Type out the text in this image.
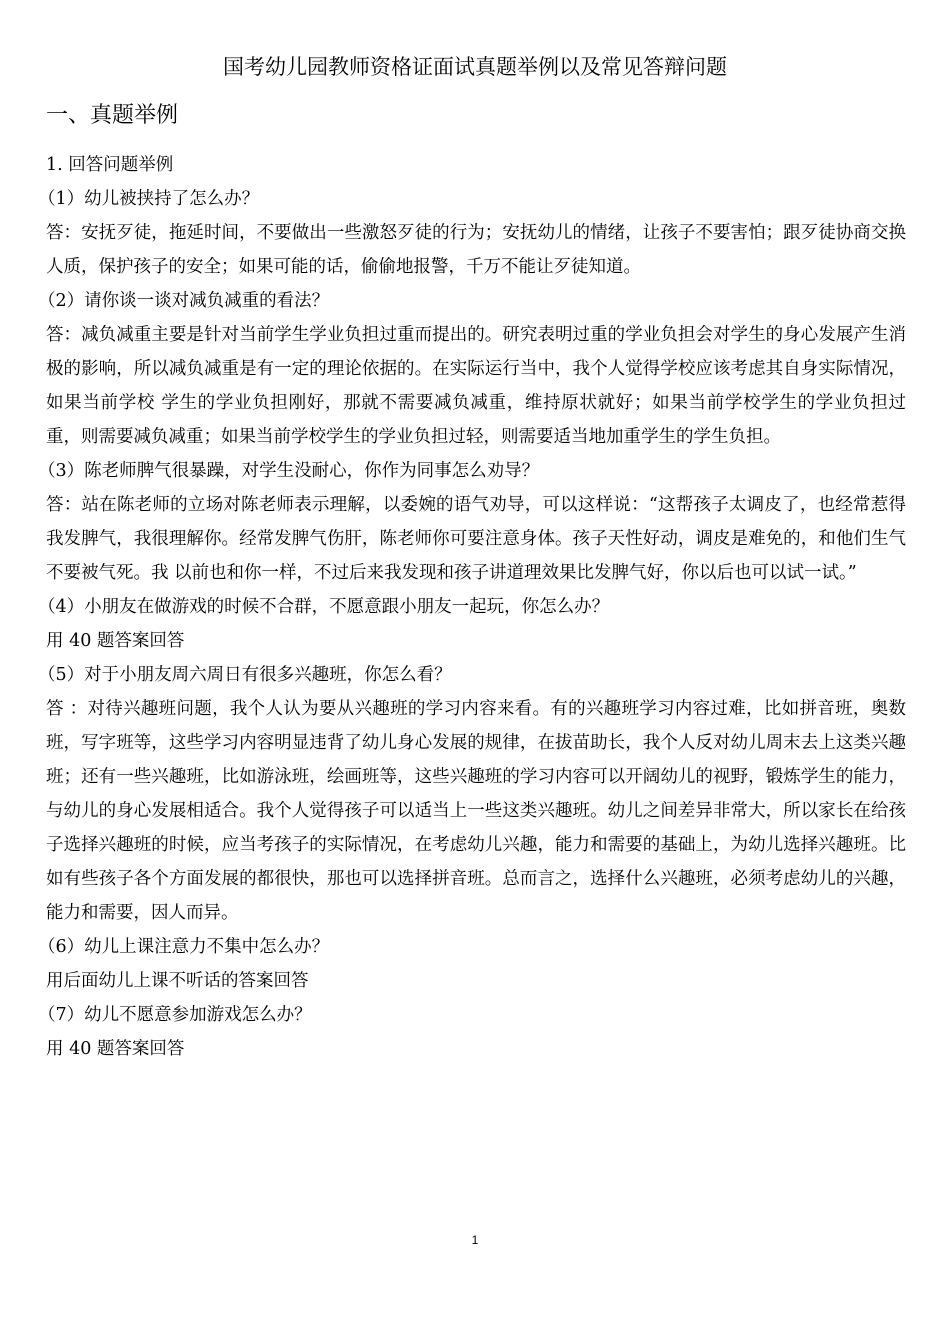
国考幼儿园教师资格证面试真题举例以及常见答辩问题
一、真题举例
1. 回答问题举例
（1）幼儿被挟持了怎么办？
答：安抚歹徒，拖延时间，不要做出一些激怒歹徒的行为；安抚幼儿的情绪，让孩子不要害怕；跟歹徒协商交换人质，保护孩子的安全；如果可能的话，偷偷地报警，千万不能让歹徒知道。
（2）请你谈一谈对减负减重的看法？
答：减负减重主要是针对当前学生学业负担过重而提出的。研究表明过重的学业负担会对学生的身心发展产生消极的影响，所以减负减重是有一定的理论依据的。在实际运行当中，我个人觉得学校应该考虑其自身实际情况，如果当前学校 学生的学业负担刚好，那就不需要减负减重，维持原状就好；如果当前学校学生的学业负担过重，则需要减负减重；如果当前学校学生的学业负担过轻，则需要适当地加重学生的学生负担。
（3）陈老师脾气很暴躁，对学生没耐心，你作为同事怎么劝导？
答：站在陈老师的立场对陈老师表示理解，以委婉的语气劝导，可以这样说：“这帮孩子太调皮了，也经常惹得我发脾气，我很理解你。经常发脾气伤肝，陈老师你可要注意身体。孩子天性好动，调皮是难免的，和他们生气不要被气死。我 以前也和你一样，不过后来我发现和孩子讲道理效果比发脾气好，你以后也可以试一试。”
（4）小朋友在做游戏的时候不合群，不愿意跟小朋友一起玩，你怎么办？
用 40 题答案回答
（5）对于小朋友周六周日有很多兴趣班，你怎么看？
答 ：对待兴趣班问题，我个人认为要从兴趣班的学习内容来看。有的兴趣班学习内容过难，比如拼音班，奥数班，写字班等，这些学习内容明显违背了幼儿身心发展的规律，在拔苗助长，我个人反对幼儿周末去上这类兴趣班；还有一些兴趣班，比如游泳班，绘画班等，这些兴趣班的学习内容可以开阔幼儿的视野，锻炼学生的能力，与幼儿的身心发展相适合。我个人觉得孩子可以适当上一些这类兴趣班。幼儿之间差异非常大，所以家长在给孩子选择兴趣班的时候，应当考孩子的实际情况，在考虑幼儿兴趣，能力和需要的基础上，为幼儿选择兴趣班。比如有些孩子各个方面发展的都很快，那也可以选择拼音班。总而言之，选择什么兴趣班，必须考虑幼儿的兴趣，能力和需要，因人而异。
（6）幼儿上课注意力不集中怎么办？
用后面幼儿上课不听话的答案回答
（7）幼儿不愿意参加游戏怎么办？
用 40 题答案回答
1
